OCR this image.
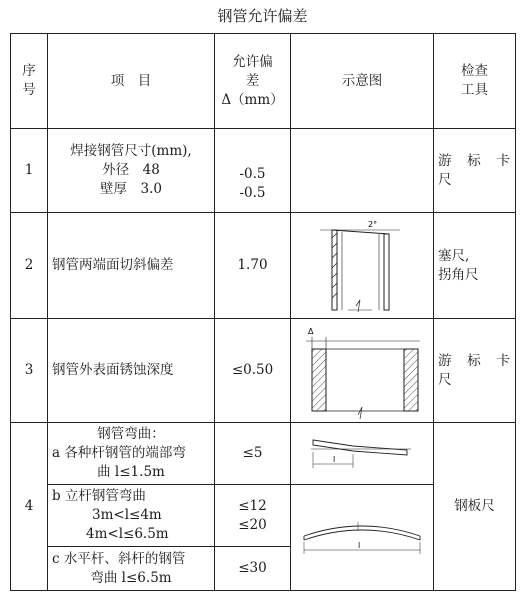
钢管允许偏差
序
号	项　目	允许偏
差
Δ（mm）	示意图	检查
工具

1	焊接钢管尺寸(mm),
外径　48
壁厚　3.0	-0.5
-0.5		游 标 卡 尺
2	钢管两端面切斜偏差	1.70	2°	塞尺,
拐角尺

3	钢管外表面锈蚀深度	≤0.50	Δ	游 标 卡 尺
4	钢管弯曲：
a 各种杆钢管的端部弯
曲 l≤1.5m	≤5	l	钢板尺

	b 立杆钢管弯曲
3m<l≤4m
4m<l≤6.5m	≤12
≤20	l	

	c 水平杆、斜杆的钢管
弯曲 l≤6.5m	≤30		
